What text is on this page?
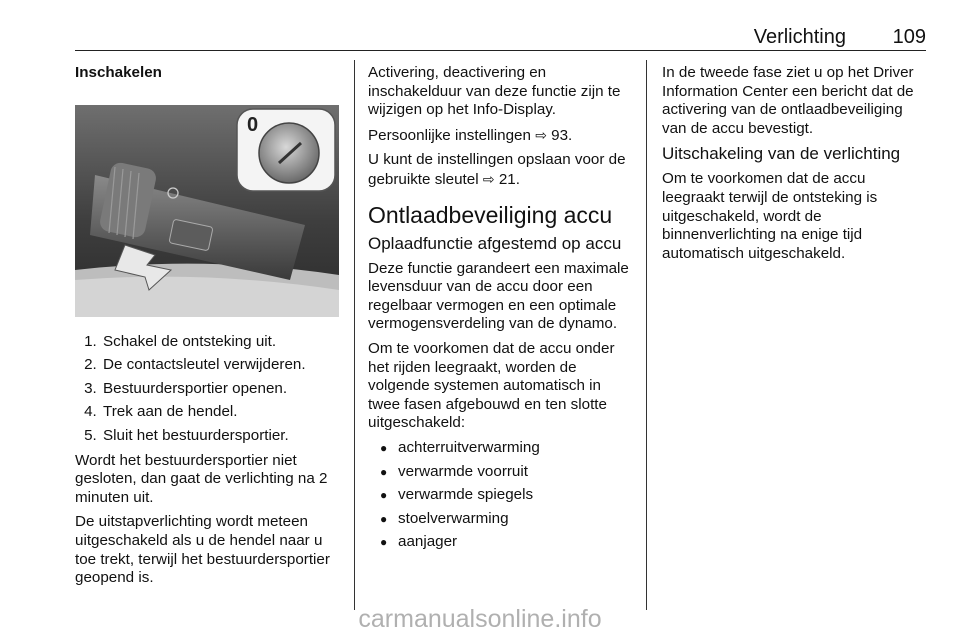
Verlichting 109
Inschakelen
0
1. Schakel de ontsteking uit.
2. De contactsleutel verwijderen.
3. Bestuurdersportier openen.
4. Trek aan de hendel.
5. Sluit het bestuurdersportier.

Wordt het bestuurdersportier niet gesloten, dan gaat de verlichting na 2 minuten uit.

De uitstapverlichting wordt meteen uitgeschakeld als u de hendel naar u toe trekt, terwijl het bestuurdersportier geopend is.

Activering, deactivering en inschakelduur van deze functie zijn te wijzigen op het Info-Display.

Persoonlijke instellingen ⇨ 93.

U kunt de instellingen opslaan voor de gebruikte sleutel ⇨ 21.

Ontlaadbeveiliging accu
Oplaadfunctie afgestemd op accu

Deze functie garandeert een maximale levensduur van de accu door een regelbaar vermogen en een optimale vermogensverdeling van de dynamo.

Om te voorkomen dat de accu onder het rijden leegraakt, worden de volgende systemen automatisch in twee fasen afgebouwd en ten slotte uitgeschakeld:

● achterruitverwarming
● verwarmde voorruit
● verwarmde spiegels
● stoelverwarming
● aanjager

In de tweede fase ziet u op het Driver Information Center een bericht dat de activering van de ontlaadbeveiliging van de accu bevestigt.

Uitschakeling van de verlichting

Om te voorkomen dat de accu leegraakt terwijl de ontsteking is uitgeschakeld, wordt de binnenverlichting na enige tijd automatisch uitgeschakeld.

carmanualsonline.info
